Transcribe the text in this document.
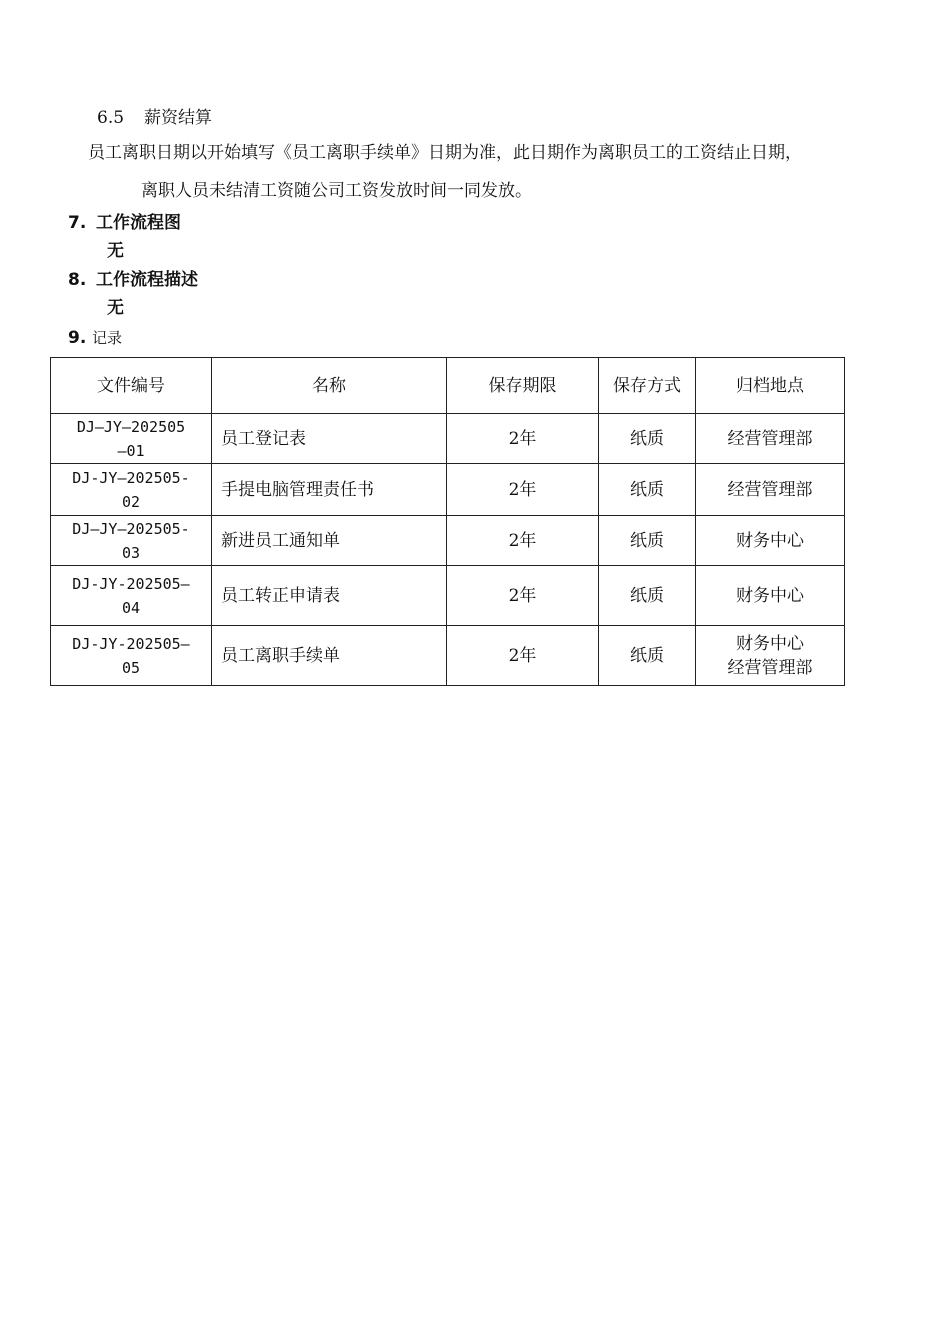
6.5 薪资结算
员工离职日期以开始填写《员工离职手续单》日期为准，此日期作为离职员工的工资结止日期，
离职人员未结清工资随公司工资发放时间一同发放。
7. 工作流程图
无
8. 工作流程描述
无
9. 记录
文件编号	名称	保存期限	保存方式	归档地点

DJ—JY—202505
—01	员工登记表	2年	纸质	经营管理部

DJ-JY—202505-
02	手提电脑管理责任书	2年	纸质	经营管理部

DJ—JY—202505-
03	新进员工通知单	2年	纸质	财务中心

DJ-JY-202505—
04	员工转正申请表	2年	纸质	财务中心

DJ-JY-202505—
05	员工离职手续单	2年	纸质	财务中心
经营管理部
